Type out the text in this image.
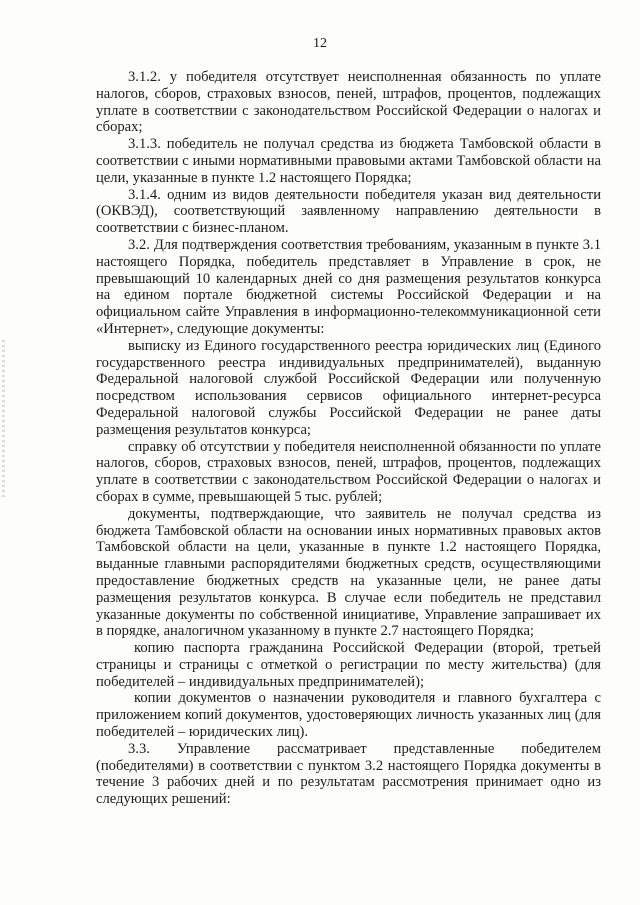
12

3.1.2. у победителя отсутствует неисполненная обязанность по уплате налогов, сборов, страховых взносов, пеней, штрафов, процентов, подлежащих уплате в соответствии с законодательством Российской Федерации о налогах и сборах;

3.1.3. победитель не получал средства из бюджета Тамбовской области в соответствии с иными нормативными правовыми актами Тамбовской области на цели, указанные в пункте 1.2 настоящего Порядка;

3.1.4. одним из видов деятельности победителя указан вид деятельности (ОКВЭД), соответствующий заявленному направлению деятельности в соответствии с бизнес-планом.

3.2. Для подтверждения соответствия требованиям, указанным в пункте 3.1 настоящего Порядка, победитель представляет в Управление в срок, не превышающий 10 календарных дней со дня размещения результатов конкурса на едином портале бюджетной системы Российской Федерации и на официальном сайте Управления в информационно-телекоммуникационной сети «Интернет», следующие документы:

выписку из Единого государственного реестра юридических лиц (Единого государственного реестра индивидуальных предпринимателей), выданную Федеральной налоговой службой Российской Федерации или полученную посредством использования сервисов официального интернет-ресурса Федеральной налоговой службы Российской Федерации не ранее даты размещения результатов конкурса;

справку об отсутствии у победителя неисполненной обязанности по уплате налогов, сборов, страховых взносов, пеней, штрафов, процентов, подлежащих уплате в соответствии с законодательством Российской Федерации о налогах и сборах в сумме, превышающей 5 тыс. рублей;

документы, подтверждающие, что заявитель не получал средства из бюджета Тамбовской области на основании иных нормативных правовых актов Тамбовской области на цели, указанные в пункте 1.2 настоящего Порядка, выданные главными распорядителями бюджетных средств, осуществляющими предоставление бюджетных средств на указанные цели, не ранее даты размещения результатов конкурса. В случае если победитель не представил указанные документы по собственной инициативе, Управление запрашивает их в порядке, аналогичном указанному в пункте 2.7 настоящего Порядка;

копию паспорта гражданина Российской Федерации (второй, третьей страницы и страницы с отметкой о регистрации по месту жительства) (для победителей – индивидуальных предпринимателей);

копии документов о назначении руководителя и главного бухгалтера с приложением копий документов, удостоверяющих личность указанных лиц (для победителей – юридических лиц).

3.3. Управление рассматривает представленные победителем (победителями) в соответствии с пунктом 3.2 настоящего Порядка документы в течение 3 рабочих дней и по результатам рассмотрения принимает одно из следующих решений:
